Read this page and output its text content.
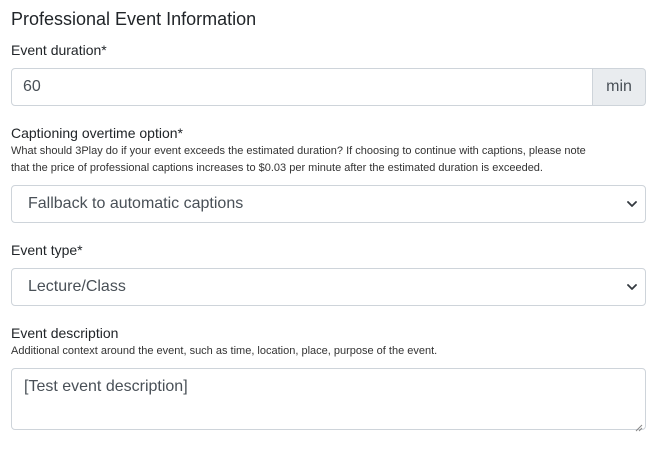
Professional Event Information
Event duration*
60
min
Captioning overtime option*
What should 3Play do if your event exceeds the estimated duration? If choosing to continue with captions, please note
that the price of professional captions increases to $0.03 per minute after the estimated duration is exceeded.
Fallback to automatic captions
Event type*
Lecture/Class
Event description
Additional context around the event, such as time, location, place, purpose of the event.
[Test event description]
